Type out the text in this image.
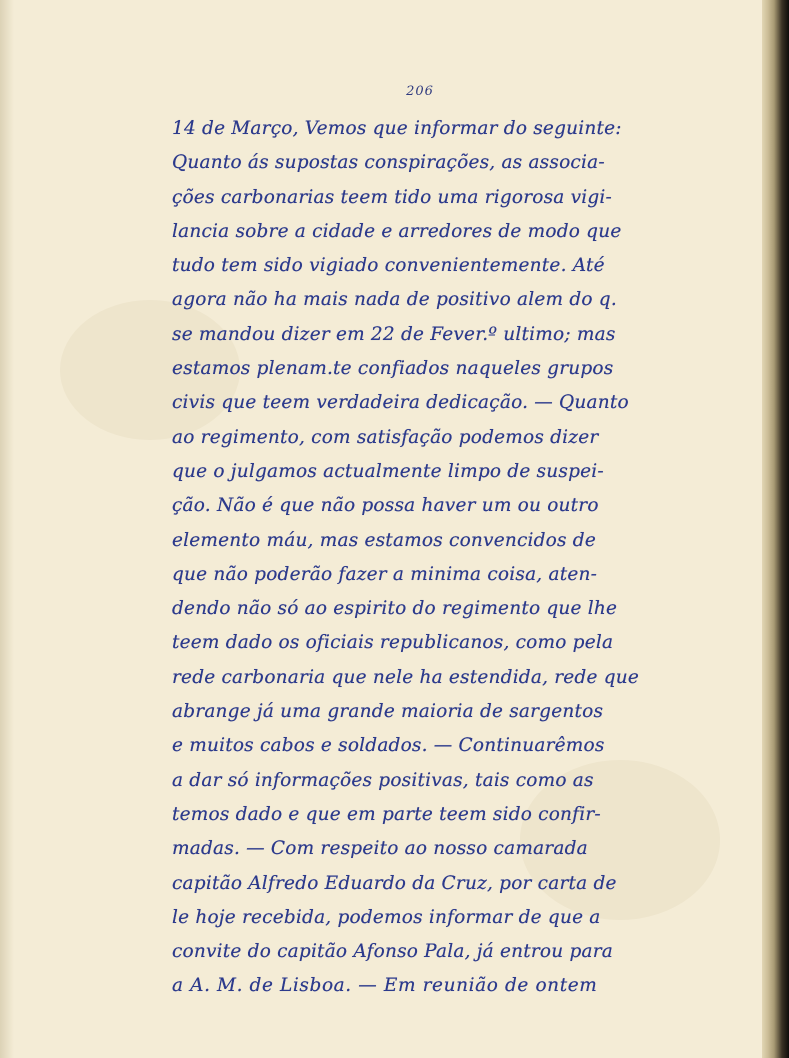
206
14 de Março, Vemos que informar do seguinte:
Quanto ás supostas conspirações, as associa-
ções carbonarias teem tido uma rigorosa vigi-
lancia sobre a cidade e arredores de modo que
tudo tem sido vigiado convenientemente. Até
agora não ha mais nada de positivo alem do q.
se mandou dizer em 22 de Fever.º ultimo; mas
estamos plenam.te confiados naqueles grupos
civis que teem verdadeira dedicação. — Quanto
ao regimento, com satisfação podemos dizer
que o julgamos actualmente limpo de suspei-
ção. Não é que não possa haver um ou outro
elemento máu, mas estamos convencidos de
que não poderão fazer a minima coisa, aten-
dendo não só ao espirito do regimento que lhe
teem dado os oficiais republicanos, como pela
rede carbonaria que nele ha estendida, rede que
abrange já uma grande maioria de sargentos
e muitos cabos e soldados. — Continuarêmos
a dar só informações positivas, tais como as
temos dado e que em parte teem sido confir-
madas. — Com respeito ao nosso camarada
capitão Alfredo Eduardo da Cruz, por carta de
le hoje recebida, podemos informar de que a
convite do capitão Afonso Pala, já entrou para
a A. M. de Lisboa. — Em reunião de ontem
